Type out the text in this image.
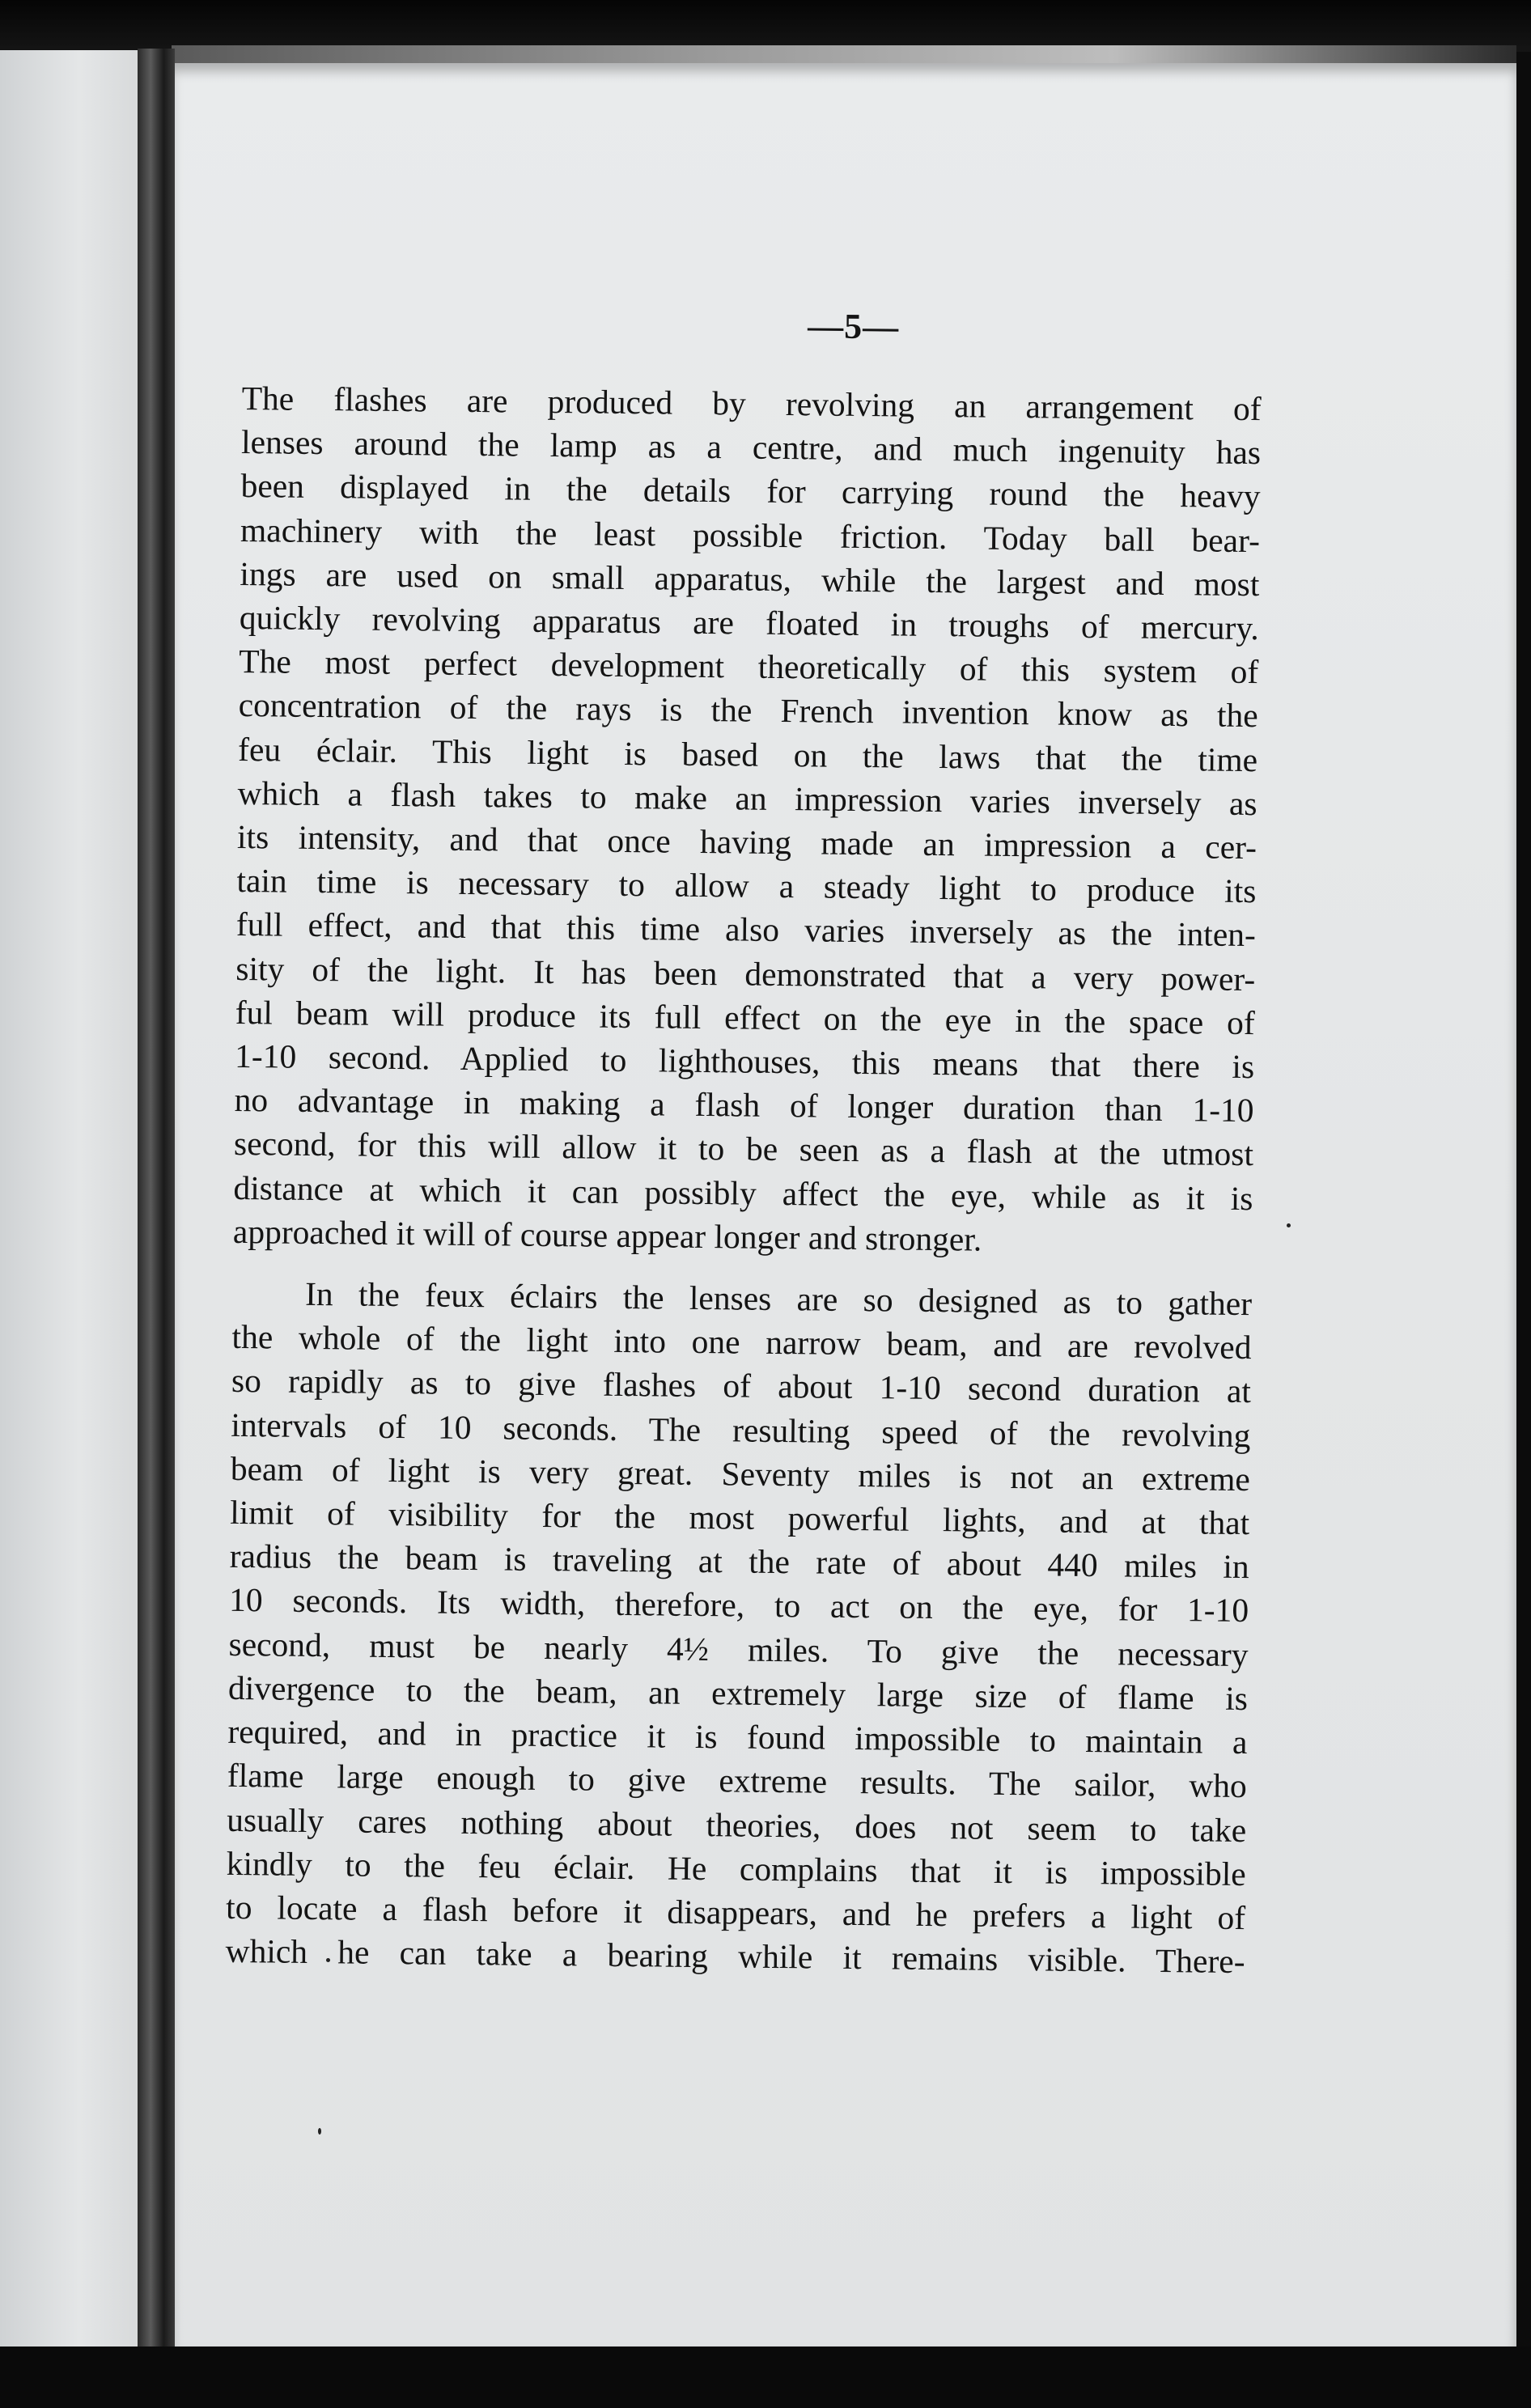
—5—

The flashes are produced by revolving an arrangement of
lenses around the lamp as a centre, and much ingenuity has
been displayed in the details for carrying round the heavy
machinery with the least possible friction. Today ball bear-
ings are used on small apparatus, while the largest and most
quickly revolving apparatus are floated in troughs of mercury.
The most perfect development theoretically of this system of
concentration of the rays is the French invention know as the
feu éclair. This light is based on the laws that the time
which a flash takes to make an impression varies inversely as
its intensity, and that once having made an impression a cer-
tain time is necessary to allow a steady light to produce its
full effect, and that this time also varies inversely as the inten-
sity of the light. It has been demonstrated that a very power-
ful beam will produce its full effect on the eye in the space of
1-10 second. Applied to lighthouses, this means that there is
no advantage in making a flash of longer duration than 1-10
second, for this will allow it to be seen as a flash at the utmost
distance at which it can possibly affect the eye, while as it is
approached it will of course appear longer and stronger.

In the feux éclairs the lenses are so designed as to gather
the whole of the light into one narrow beam, and are revolved
so rapidly as to give flashes of about 1-10 second duration at
intervals of 10 seconds. The resulting speed of the revolving
beam of light is very great. Seventy miles is not an extreme
limit of visibility for the most powerful lights, and at that
radius the beam is traveling at the rate of about 440 miles in
10 seconds. Its width, therefore, to act on the eye, for 1-10
second, must be nearly 4½ miles. To give the necessary
divergence to the beam, an extremely large size of flame is
required, and in practice it is found impossible to maintain a
flame large enough to give extreme results. The sailor, who
usually cares nothing about theories, does not seem to take
kindly to the feu éclair. He complains that it is impossible
to locate a flash before it disappears, and he prefers a light of
which he can take a bearing while it remains visible. There-
